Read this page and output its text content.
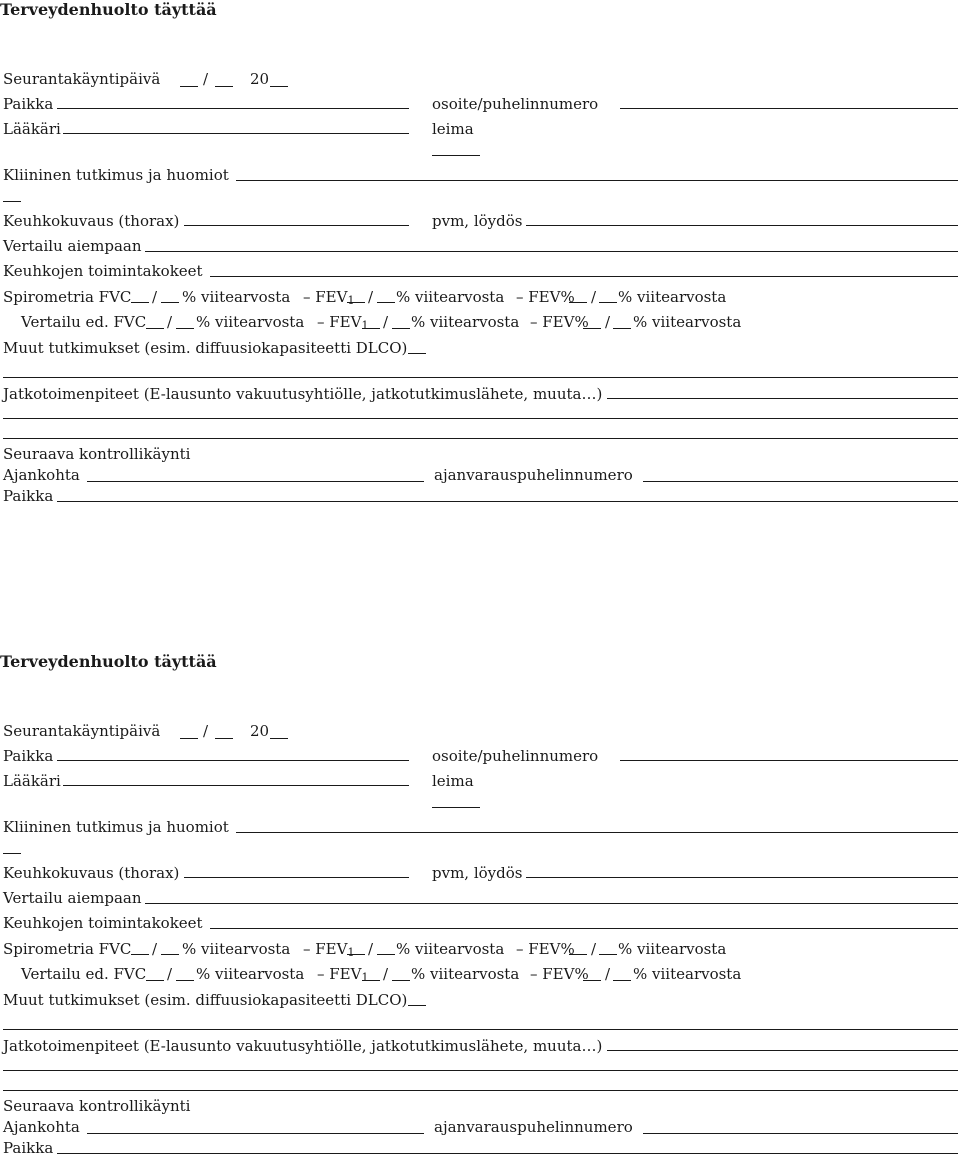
Terveydenhuolto täyttää
Seurantakäyntipäivä	/	20
Paikka	osoite/puhelinnumero
Lääkäri	leima
Kliininen tutkimus ja huomiot
Keuhkokuvaus (thorax)	pvm, löydös
Vertailu aiempaan
Keuhkojen toimintakokeet
Spirometria FVC / % viitearvosta – $FEV_1$ / % viitearvosta – FEV% / % viitearvosta
Vertailu ed. FVC / % viitearvosta – $FEV_1$ / % viitearvosta – FEV% / % viitearvosta
Muut tutkimukset (esim. diffuusiokapasiteetti DLCO)
Jatkotoimenpiteet (E-lausunto vakuutusyhtiölle, jatkotutkimuslähete, muuta…)
Seuraava kontrollikäynti
Ajankohta	ajanvarauspuhelinnumero
Paikka
Terveydenhuolto täyttää
Seurantakäyntipäivä	/	20
Paikka	osoite/puhelinnumero
Lääkäri	leima
Kliininen tutkimus ja huomiot
Keuhkokuvaus (thorax)	pvm, löydös
Vertailu aiempaan
Keuhkojen toimintakokeet
Spirometria FVC / % viitearvosta – $FEV_1$ / % viitearvosta – FEV% / % viitearvosta
Vertailu ed. FVC / % viitearvosta – $FEV_1$ / % viitearvosta – FEV% / % viitearvosta
Muut tutkimukset (esim. diffuusiokapasiteetti DLCO)
Jatkotoimenpiteet (E-lausunto vakuutusyhtiölle, jatkotutkimuslähete, muuta…)
Seuraava kontrollikäynti
Ajankohta	ajanvarauspuhelinnumero
Paikka
